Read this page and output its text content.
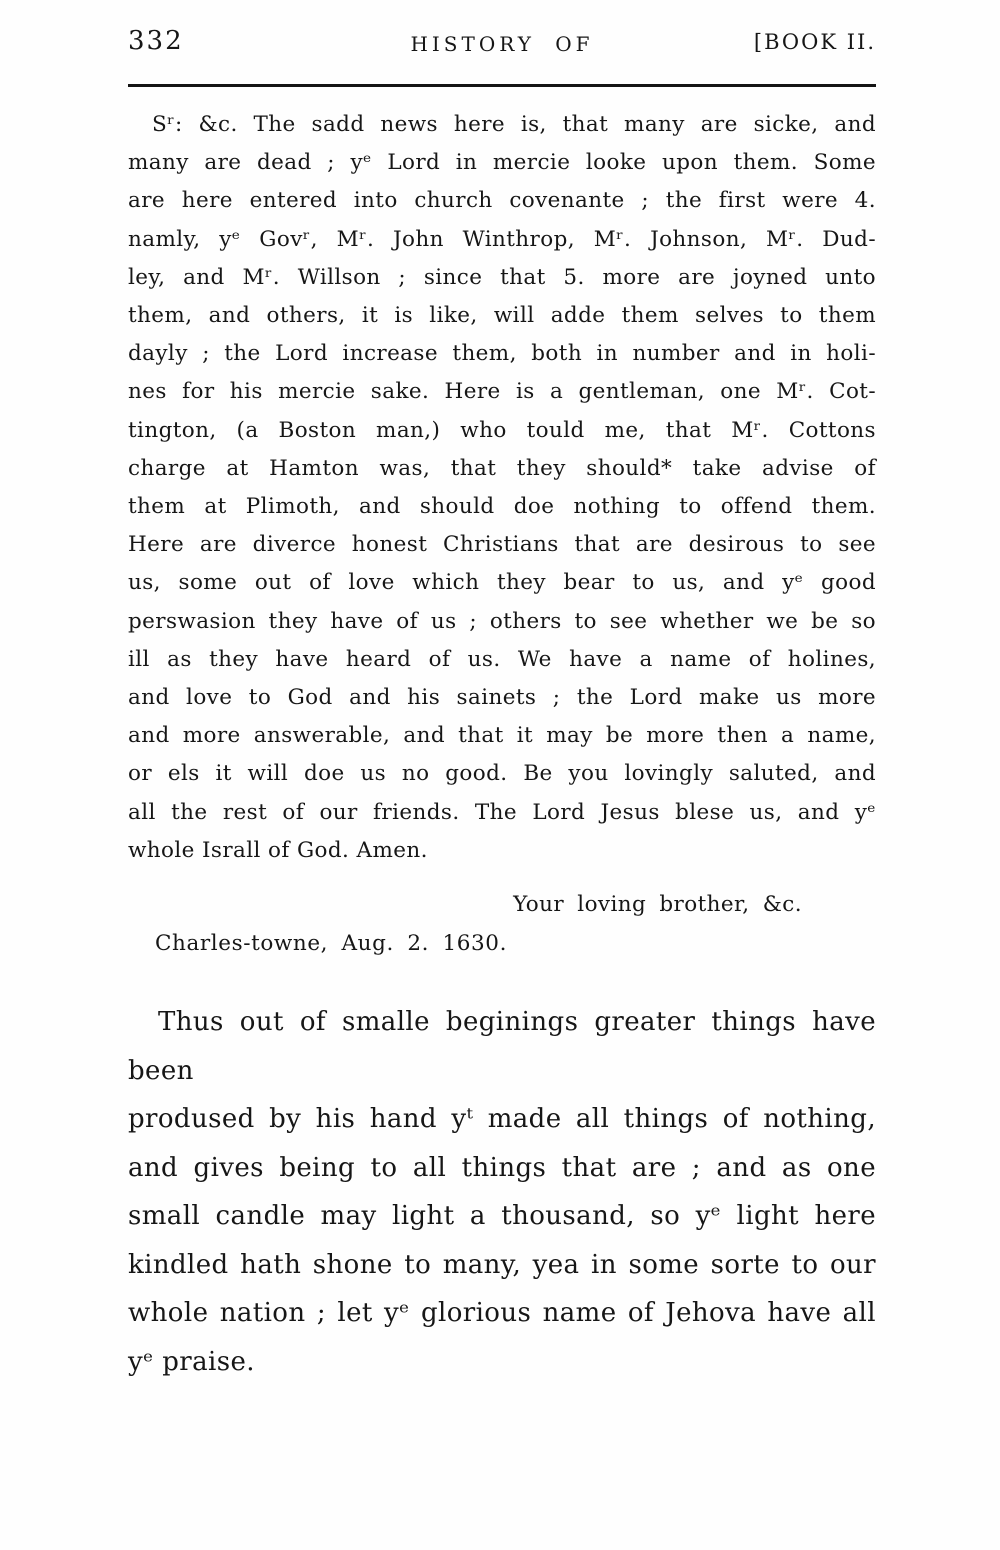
332	HISTORY OF	[BOOK II.
Sʳ: &c. The sadd news here is, that many are sicke, and
many are dead ; yᵉ Lord in mercie looke upon them. Some
are here entered into church covenante ; the first were 4.
namly, yᵉ Govʳ, Mʳ. John Winthrop, Mʳ. Johnson, Mʳ. Dud-
ley, and Mʳ. Willson ; since that 5. more are joyned unto
them, and others, it is like, will adde them selves to them
dayly ; the Lord increase them, both in number and in holi-
nes for his mercie sake. Here is a gentleman, one Mʳ. Cot-
tington, (a Boston man,) who tould me, that Mʳ. Cottons
charge at Hamton was, that they should* take advise of
them at Plimoth, and should doe nothing to offend them.
Here are diverce honest Christians that are desirous to see
us, some out of love which they bear to us, and yᵉ good
perswasion they have of us ; others to see whether we be so
ill as they have heard of us. We have a name of holines,
and love to God and his sainets ; the Lord make us more
and more answerable, and that it may be more then a name,
or els it will doe us no good. Be you lovingly saluted, and
all the rest of our friends. The Lord Jesus blese us, and yᵉ
whole Israll of God. Amen.
Your loving brother, &c.
Charles-towne, Aug. 2. 1630.
Thus out of smalle beginings greater things have been
prodused by his hand yᵗ made all things of nothing,
and gives being to all things that are ; and as one
small candle may light a thousand, so yᵉ light here
kindled hath shone to many, yea in some sorte to our
whole nation ; let yᵉ glorious name of Jehova have all
yᵉ praise.
